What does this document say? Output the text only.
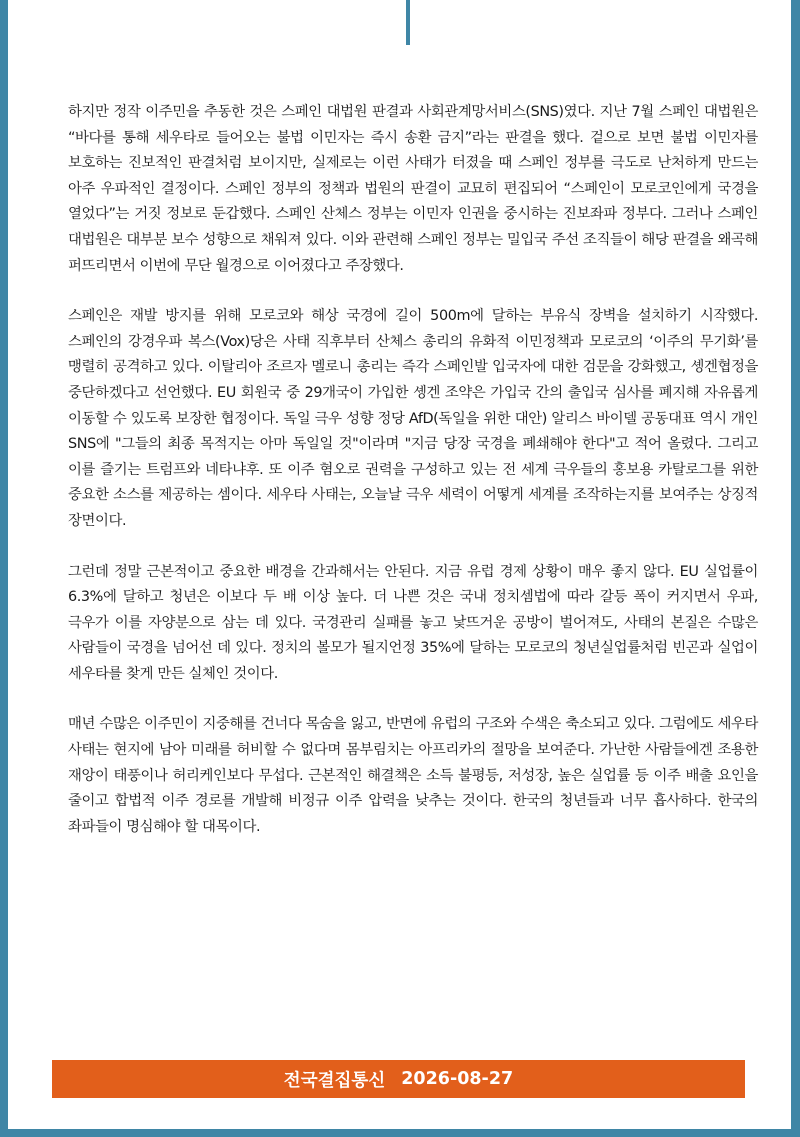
하지만 정작 이주민을 추동한 것은 스페인 대법원 판결과 사회관계망서비스(SNS)였다. 지난 7월 스페인 대법원은 “바다를 통해 세우타로 들어오는 불법 이민자는 즉시 송환 금지”라는 판결을 했다. 겉으로 보면 불법 이민자를 보호하는 진보적인 판결처럼 보이지만, 실제로는 이런 사태가 터졌을 때 스페인 정부를 극도로 난처하게 만드는 아주 우파적인 결정이다. 스페인 정부의 정책과 법원의 판결이 교묘히 편집되어 “스페인이 모로코인에게 국경을 열었다”는 거짓 정보로 둔갑했다. 스페인 산체스 정부는 이민자 인권을 중시하는 진보좌파 정부다. 그러나 스페인 대법원은 대부분 보수 성향으로 채워져 있다. 이와 관련해 스페인 정부는 밀입국 주선 조직들이 해당 판결을 왜곡해 퍼뜨리면서 이번에 무단 월경으로 이어졌다고 주장했다.

스페인은 재발 방지를 위해 모로코와 해상 국경에 길이 500m에 달하는 부유식 장벽을 설치하기 시작했다. 스페인의 강경우파 복스(Vox)당은 사태 직후부터 산체스 총리의 유화적 이민정책과 모로코의 ‘이주의 무기화’를 맹렬히 공격하고 있다. 이탈리아 조르자 멜로니 총리는 즉각 스페인발 입국자에 대한 검문을 강화했고, 솅겐협정을 중단하겠다고 선언했다. EU 회원국 중 29개국이 가입한 솅겐 조약은 가입국 간의 출입국 심사를 폐지해 자유롭게 이동할 수 있도록 보장한 협정이다. 독일 극우 성향 정당 AfD(독일을 위한 대안) 알리스 바이델 공동대표 역시 개인 SNS에 "그들의 최종 목적지는 아마 독일일 것"이라며 "지금 당장 국경을 폐쇄해야 한다"고 적어 올렸다. 그리고 이를 즐기는 트럼프와 네타냐후. 또 이주 혐오로 권력을 구성하고 있는 전 세계 극우들의 홍보용 카탈로그를 위한 중요한 소스를 제공하는 셈이다. 세우타 사태는, 오늘날 극우 세력이 어떻게 세계를 조작하는지를 보여주는 상징적 장면이다.

그런데 정말 근본적이고 중요한 배경을 간과해서는 안된다. 지금 유럽 경제 상황이 매우 좋지 않다. EU 실업률이 6.3%에 달하고 청년은 이보다 두 배 이상 높다. 더 나쁜 것은 국내 정치셈법에 따라 갈등 폭이 커지면서 우파, 극우가 이를 자양분으로 삼는 데 있다. 국경관리 실패를 놓고 낯뜨거운 공방이 벌어져도, 사태의 본질은 수많은 사람들이 국경을 넘어선 데 있다. 정치의 볼모가 될지언정 35%에 달하는 모로코의 청년실업률처럼 빈곤과 실업이 세우타를 찾게 만든 실체인 것이다.

매년 수많은 이주민이 지중해를 건너다 목숨을 잃고, 반면에 유럽의 구조와 수색은 축소되고 있다. 그럼에도 세우타 사태는 현지에 남아 미래를 허비할 수 없다며 몸부림치는 아프리카의 절망을 보여준다. 가난한 사람들에겐 조용한 재앙이 태풍이나 허리케인보다 무섭다. 근본적인 해결책은 소득 불평등, 저성장, 높은 실업률 등 이주 배출 요인을 줄이고 합법적 이주 경로를 개발해 비정규 이주 압력을 낮추는 것이다. 한국의 청년들과 너무 흡사하다. 한국의 좌파들이 명심해야 할 대목이다.

전국결집통신 2026-08-27
